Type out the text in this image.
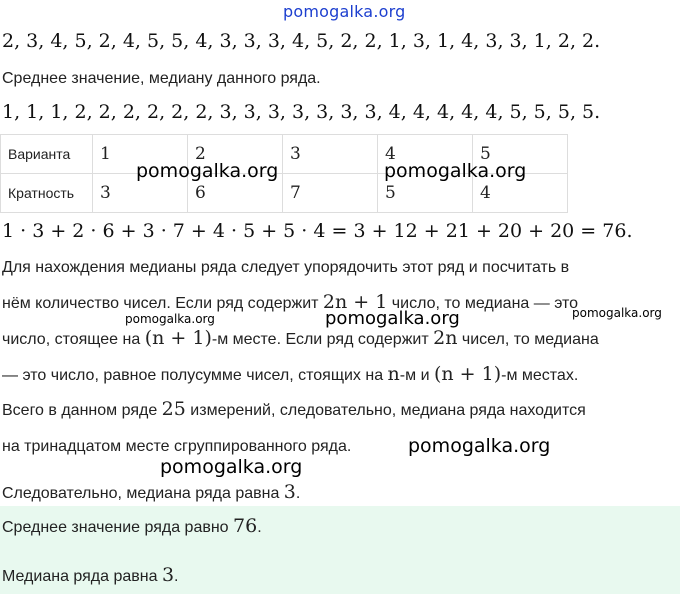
pomogalka.org
2, 3, 4, 5, 2, 4, 5, 5, 4, 3, 3, 3, 4, 5, 2, 2, 1, 3, 1, 4, 3, 3, 1, 2, 2.
Среднее значение, медиану данного ряда.
1, 1, 1, 2, 2, 2, 2, 2, 2, 3, 3, 3, 3, 3, 3, 3, 4, 4, 4, 4, 4, 5, 5, 5, 5.
Варианта	1	2	3	4	5
Кратность	3	6	7	5	4
pomogalka.org	pomogalka.org
1 · 3 + 2 · 6 + 3 · 7 + 4 · 5 + 5 · 4 = 3 + 12 + 21 + 20 + 20 = 76.
Для нахождения медианы ряда следует упорядочить этот ряд и посчитать в
нём количество чисел. Если ряд содержит 2n + 1 число, то медиана — это
число, стоящее на (n + 1)-м месте. Если ряд содержит 2n чисел, то медиана
— это число, равное полусумме чисел, стоящих на n-м и (n + 1)-м местах.
Всего в данном ряде 25 измерений, следовательно, медиана ряда находится
на тринадцатом месте сгруппированного ряда.
pomogalka.org	pomogalka.org	pomogalka.org
pomogalka.org
pomogalka.org
Следовательно, медиана ряда равна 3.
Среднее значение ряда равно 76.
Медиана ряда равна 3.
